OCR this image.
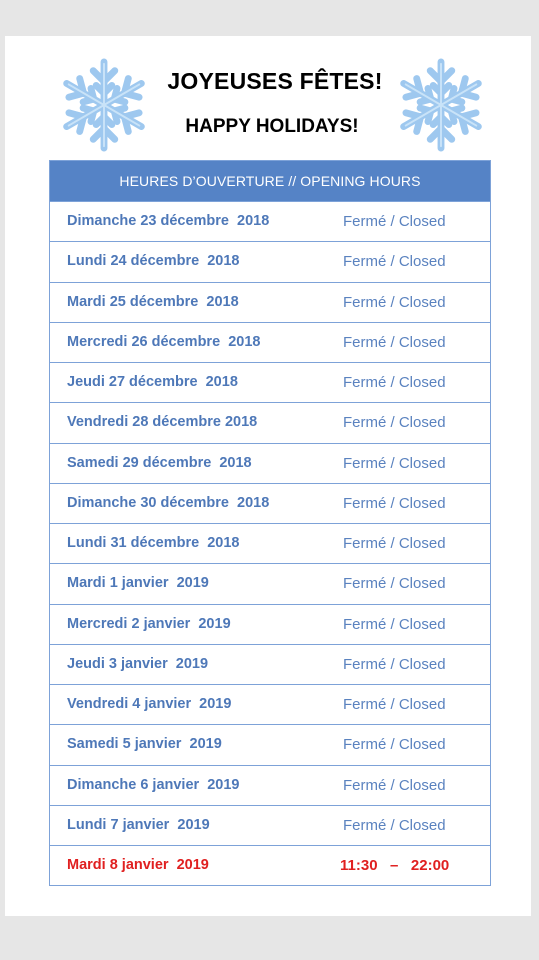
JOYEUSES FÊTES!
HAPPY HOLIDAYS!
HEURES D’OUVERTURE // OPENING HOURS
Dimanche 23 décembre  2018	Fermé / Closed
Lundi 24 décembre  2018	Fermé / Closed
Mardi 25 décembre  2018	Fermé / Closed
Mercredi 26 décembre  2018	Fermé / Closed
Jeudi 27 décembre  2018	Fermé / Closed
Vendredi 28 décembre 2018	Fermé / Closed
Samedi 29 décembre  2018	Fermé / Closed
Dimanche 30 décembre  2018	Fermé / Closed
Lundi 31 décembre  2018	Fermé / Closed
Mardi 1 janvier  2019	Fermé / Closed
Mercredi 2 janvier  2019	Fermé / Closed
Jeudi 3 janvier  2019	Fermé / Closed
Vendredi 4 janvier  2019	Fermé / Closed
Samedi 5 janvier  2019	Fermé / Closed
Dimanche 6 janvier  2019	Fermé / Closed
Lundi 7 janvier  2019	Fermé / Closed
Mardi 8 janvier  2019	11:30   –   22:00
